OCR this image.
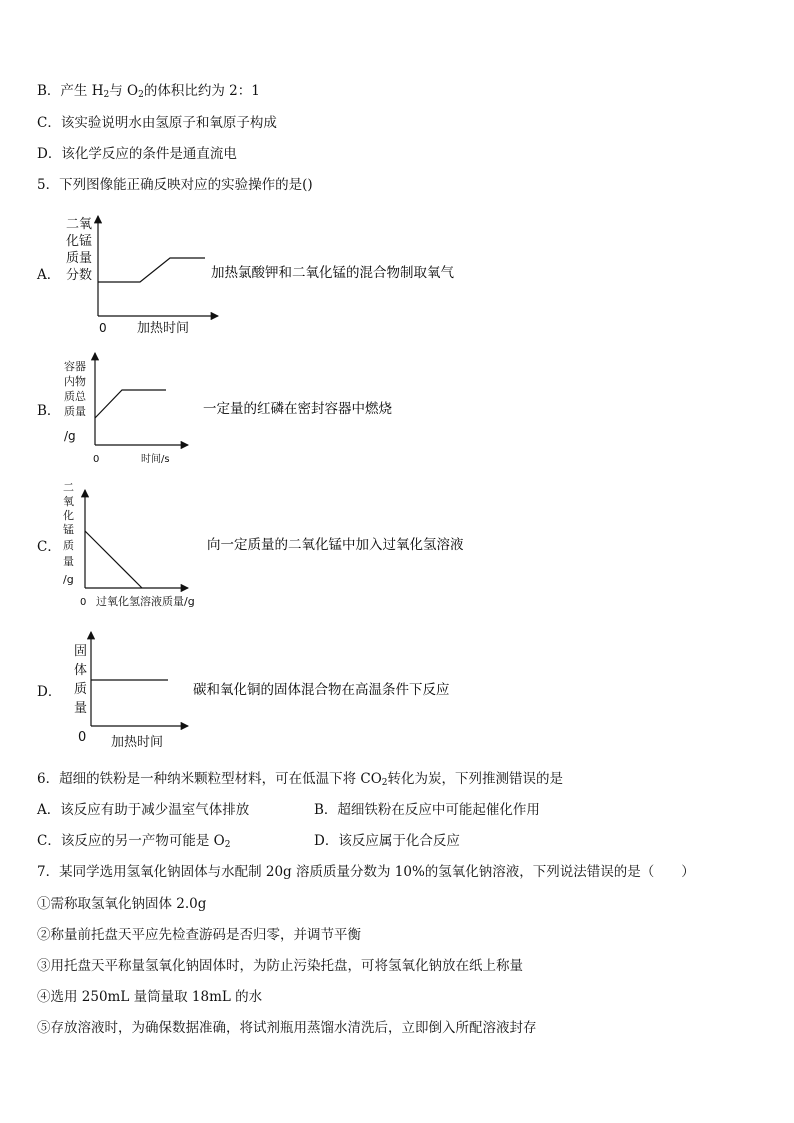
B．产生 $H_2$与 $O_2$的体积比约为 2：1
C．该实验说明水由氢原子和氧原子构成
D．该化学反应的条件是通直流电
5．下列图像能正确反映对应的实验操作的是()
A．
B．
C．
D．
二氧 化锰 质量 分数
0 加热时间
加热氯酸钾和二氧化锰的混合物制取氧气
容器 内物 质总 质量
/g
0	时间/s
一定量的红磷在密封容器中燃烧
二 氧 化 锰 质 量 /g
0 过氧化氢溶液质量/g
向一定质量的二氧化锰中加入过氧化氢溶液
固 体 质 量
0 加热时间
碳和氧化铜的固体混合物在高温条件下反应
6．超细的铁粉是一种纳米颗粒型材料，可在低温下将 $CO_2$转化为炭，下列推测错误的是
A．该反应有助于减少温室气体排放	B．超细铁粉在反应中可能起催化作用
C．该反应的另一产物可能是 $O_2$	D．该反应属于化合反应
7．某同学选用氢氧化钠固体与水配制 20g 溶质质量分数为 10%的氢氧化钠溶液，下列说法错误的是（　　）
①需称取氢氧化钠固体 2.0g
②称量前托盘天平应先检查游码是否归零，并调节平衡
③用托盘天平称量氢氧化钠固体时，为防止污染托盘，可将氢氧化钠放在纸上称量
④选用 250mL 量筒量取 18mL 的水
⑤存放溶液时，为确保数据准确，将试剂瓶用蒸馏水清洗后，立即倒入所配溶液封存
